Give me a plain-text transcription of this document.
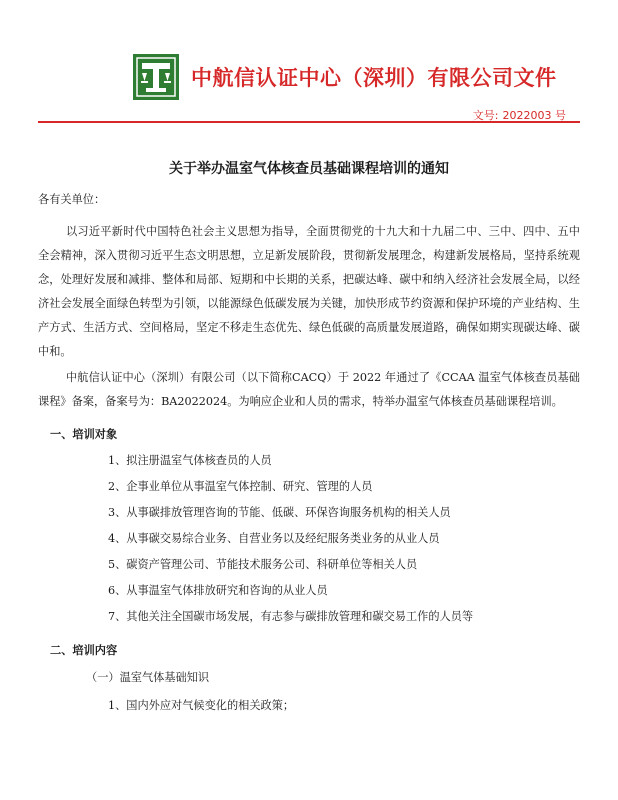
中航信认证中心（深圳）有限公司文件
文号: 2022003 号
关于举办温室气体核查员基础课程培训的通知

各有关单位：

以习近平新时代中国特色社会主义思想为指导，全面贯彻党的十九大和十九届二中、三中、四中、五中全会精神，深入贯彻习近平生态文明思想，立足新发展阶段，贯彻新发展理念，构建新发展格局，坚持系统观念，处理好发展和减排、整体和局部、短期和中长期的关系，把碳达峰、碳中和纳入经济社会发展全局，以经济社会发展全面绿色转型为引领，以能源绿色低碳发展为关键，加快形成节约资源和保护环境的产业结构、生产方式、生活方式、空间格局，坚定不移走生态优先、绿色低碳的高质量发展道路，确保如期实现碳达峰、碳中和。

中航信认证中心（深圳）有限公司（以下简称CACQ）于 2022 年通过了《CCAA 温室气体核查员基础课程》备案，备案号为：BA2022024。为响应企业和人员的需求，特举办温室气体核查员基础课程培训。

一、培训对象
1、拟注册温室气体核查员的人员
2、企事业单位从事温室气体控制、研究、管理的人员
3、从事碳排放管理咨询的节能、低碳、环保咨询服务机构的相关人员
4、从事碳交易综合业务、自营业务以及经纪服务类业务的从业人员
5、碳资产管理公司、节能技术服务公司、科研单位等相关人员
6、从事温室气体排放研究和咨询的从业人员
7、其他关注全国碳市场发展，有志参与碳排放管理和碳交易工作的人员等
二、培训内容
（一）温室气体基础知识
1、国内外应对气候变化的相关政策；
